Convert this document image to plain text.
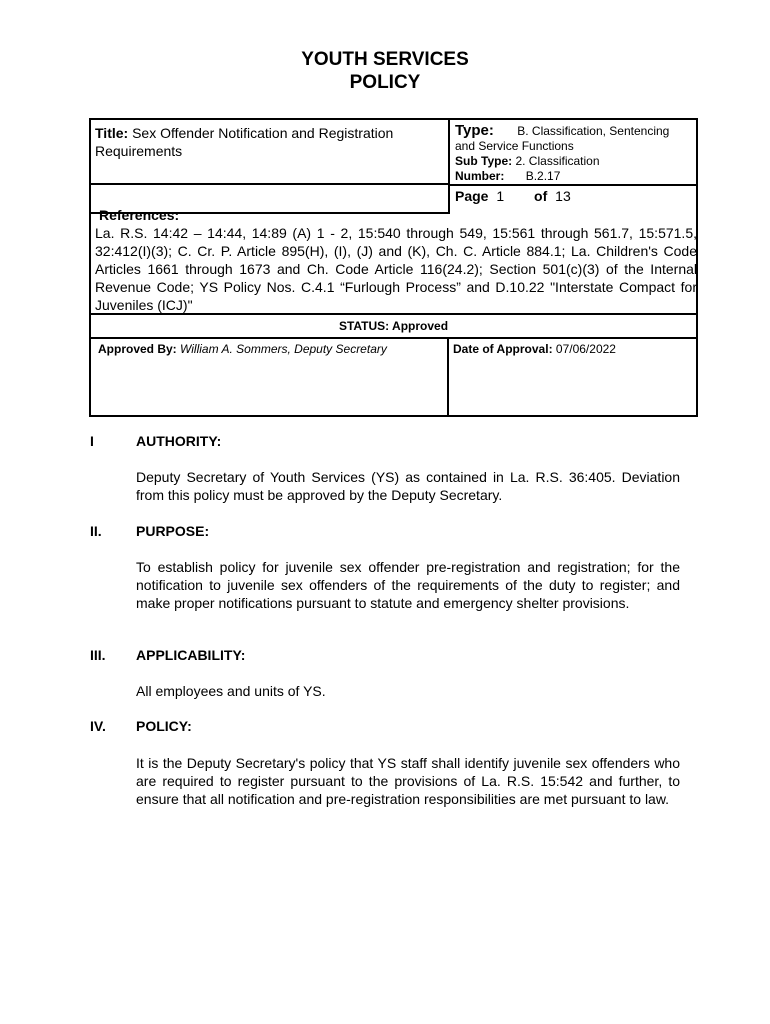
YOUTH SERVICES
POLICY
Title: Sex Offender Notification and Registration Requirements
Type: B. Classification, Sentencing
and Service Functions
Sub Type: 2. Classification
Number: B.2.17
Page 1 of 13
References:
La. R.S. 14:42 – 14:44, 14:89 (A) 1 - 2, 15:540 through 549, 15:561 through 561.7, 15:571.5, 32:412(I)(3); C. Cr. P. Article 895(H), (I), (J) and (K), Ch. C. Article 884.1; La. Children's Code Articles 1661 through 1673 and Ch. Code Article 116(24.2); Section 501(c)(3) of the Internal Revenue Code; YS Policy Nos. C.4.1 “Furlough Process” and D.10.22 "Interstate Compact for Juveniles (ICJ)"
STATUS: Approved
Approved By: William A. Sommers, Deputy Secretary	Date of Approval: 07/06/2022
I	AUTHORITY:
Deputy Secretary of Youth Services (YS) as contained in La. R.S. 36:405. Deviation from this policy must be approved by the Deputy Secretary.
II. PURPOSE:
To establish policy for juvenile sex offender pre-registration and registration; for the notification to juvenile sex offenders of the requirements of the duty to register; and make proper notifications pursuant to statute and emergency shelter provisions.
III. APPLICABILITY:
All employees and units of YS.
IV. POLICY:
It is the Deputy Secretary's policy that YS staff shall identify juvenile sex offenders who are required to register pursuant to the provisions of La. R.S. 15:542 and further, to ensure that all notification and pre-registration responsibilities are met pursuant to law.
